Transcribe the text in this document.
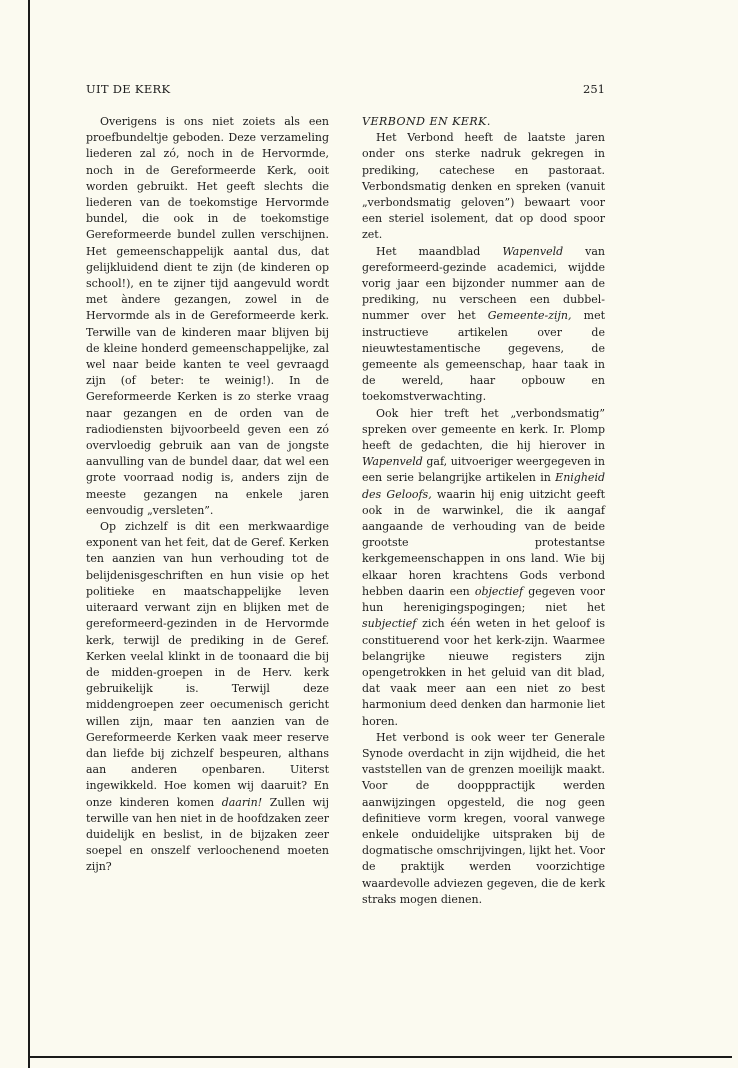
UIT DE KERK	251

Overigens is ons niet zoiets als een proefbundeltje geboden. Deze verzameling liederen zal zó, noch in de Hervormde, noch in de Gereformeerde Kerk, ooit worden gebruikt. Het geeft slechts die liederen van de toekomstige Hervormde bundel, die ook in de toekomstige Gereformeerde bundel zullen verschijnen. Het gemeenschappelijk aantal dus, dat gelijkluidend dient te zijn (de kinderen op school!), en te zijner tijd aangevuld wordt met àndere gezangen, zowel in de Hervormde als in de Gereformeerde kerk. Terwille van de kinderen maar blijven bij de kleine honderd gemeenschappelijke, zal wel naar beide kanten te veel gevraagd zijn (of beter: te weinig!). In de Gereformeerde Kerken is zo sterke vraag naar gezangen en de orden van de radiodiensten bijvoorbeeld geven een zó overvloedig gebruik aan van de jongste aanvulling van de bundel daar, dat wel een grote voorraad nodig is, anders zijn de meeste gezangen na enkele jaren eenvoudig „versleten”.

Op zichzelf is dit een merkwaardige exponent van het feit, dat de Geref. Kerken ten aanzien van hun verhouding tot de belijdenisgeschriften en hun visie op het politieke en maatschappelijke leven uiteraard verwant zijn en blijken met de gereformeerd-gezinden in de Hervormde kerk, terwijl de prediking in de Geref. Kerken veelal klinkt in de toonaard die bij de midden-groepen in de Herv. kerk gebruikelijk is. Terwijl deze middengroepen zeer oecumenisch gericht willen zijn, maar ten aanzien van de Gereformeerde Kerken vaak meer reserve dan liefde bij zichzelf bespeuren, althans aan anderen openbaren. Uiterst ingewikkeld. Hoe komen wij daaruit? En onze kinderen komen daarin! Zullen wij terwille van hen niet in de hoofdzaken zeer duidelijk en beslist, in de bijzaken zeer soepel en onszelf verloochenend moeten zijn?

VERBOND EN KERK.

Het Verbond heeft de laatste jaren onder ons sterke nadruk gekregen in prediking, catechese en pastoraat. Verbondsmatig denken en spreken (vanuit „verbondsmatig geloven”) bewaart voor een steriel isolement, dat op dood spoor zet.

Het maandblad Wapenveld van gereformeerd-gezinde academici, wijdde vorig jaar een bijzonder nummer aan de prediking, nu verscheen een dubbel-nummer over het Gemeente-zijn, met instructieve artikelen over de nieuwtestamentische gegevens, de gemeente als gemeenschap, haar taak in de wereld, haar opbouw en toekomstverwachting.

Ook hier treft het „verbondsmatig” spreken over gemeente en kerk. Ir. Plomp heeft de gedachten, die hij hierover in Wapenveld gaf, uitvoeriger weergegeven in een serie belangrijke artikelen in Enigheid des Geloofs, waarin hij enig uitzicht geeft ook in de warwinkel, die ik aangaf aangaande de verhouding van de beide grootste protestantse kerkgemeenschappen in ons land. Wie bij elkaar horen krachtens Gods verbond hebben daarin een objectief gegeven voor hun herenigingspogingen; niet het subjectief zich één weten in het geloof is constituerend voor het kerk-zijn. Waarmee belangrijke nieuwe registers zijn opengetrokken in het geluid van dit blad, dat vaak meer aan een niet zo best harmonium deed denken dan harmonie liet horen.

Het verbond is ook weer ter Generale Synode overdacht in zijn wijdheid, die het vaststellen van de grenzen moeilijk maakt. Voor de doopppractijk werden aanwijzingen opgesteld, die nog geen definitieve vorm kregen, vooral vanwege enkele onduidelijke uitspraken bij de dogmatische omschrijvingen, lijkt het. Voor de praktijk werden voorzichtige waardevolle adviezen gegeven, die de kerk straks mogen dienen.
